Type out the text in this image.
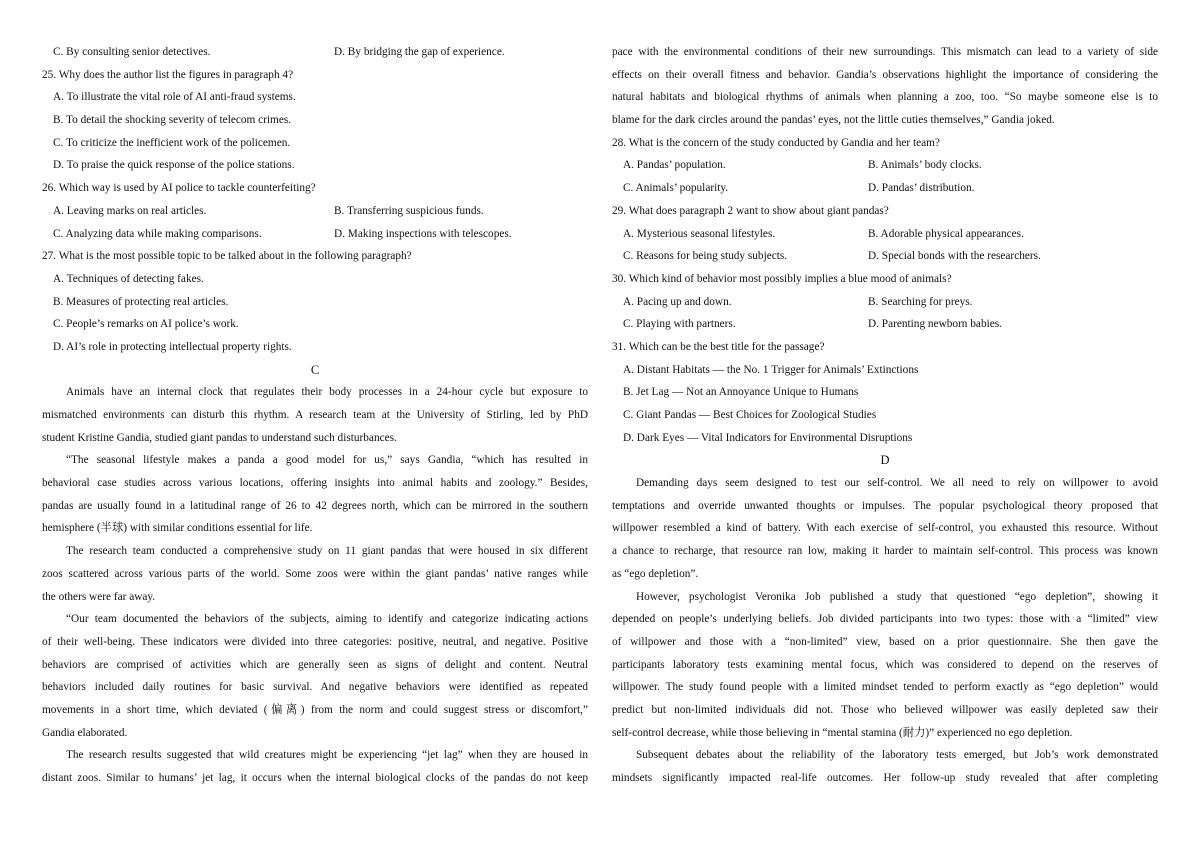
C. By consulting senior detectives.	D. By bridging the gap of experience.
25. Why does the author list the figures in paragraph 4?
A. To illustrate the vital role of AI anti-fraud systems.
B. To detail the shocking severity of telecom crimes.
C. To criticize the inefficient work of the policemen.
D. To praise the quick response of the police stations.
26. Which way is used by AI police to tackle counterfeiting?
A. Leaving marks on real articles.	B. Transferring suspicious funds.
C. Analyzing data while making comparisons.	D. Making inspections with telescopes.
27. What is the most possible topic to be talked about in the following paragraph?
A. Techniques of detecting fakes.
B. Measures of protecting real articles.
C. People’s remarks on AI police’s work.
D. AI’s role in protecting intellectual property rights.
C
Animals have an internal clock that regulates their body processes in a 24-hour cycle but exposure to
mismatched environments can disturb this rhythm. A research team at the University of Stirling, led by PhD
student Kristine Gandia, studied giant pandas to understand such disturbances.
“The seasonal lifestyle makes a panda a good model for us,” says Gandia, “which has resulted in
behavioral case studies across various locations, offering insights into animal habits and zoology.” Besides,
pandas are usually found in a latitudinal range of 26 to 42 degrees north, which can be mirrored in the southern
hemisphere (半球) with similar conditions essential for life.
The research team conducted a comprehensive study on 11 giant pandas that were housed in six different
zoos scattered across various parts of the world. Some zoos were within the giant pandas’ native ranges while
the others were far away.
“Our team documented the behaviors of the subjects, aiming to identify and categorize indicating actions
of their well-being. These indicators were divided into three categories: positive, neutral, and negative. Positive
behaviors are comprised of activities which are generally seen as signs of delight and content. Neutral
behaviors included daily routines for basic survival. And negative behaviors were identified as repeated
movements in a short time, which deviated (偏离) from the norm and could suggest stress or discomfort,”
Gandia elaborated.
The research results suggested that wild creatures might be experiencing “jet lag” when they are housed in
distant zoos. Similar to humans’ jet lag, it occurs when the internal biological clocks of the pandas do not keep
pace with the environmental conditions of their new surroundings. This mismatch can lead to a variety of side
effects on their overall fitness and behavior. Gandia’s observations highlight the importance of considering the
natural habitats and biological rhythms of animals when planning a zoo, too. “So maybe someone else is to
blame for the dark circles around the pandas’ eyes, not the little cuties themselves,” Gandia joked.
28. What is the concern of the study conducted by Gandia and her team?
A. Pandas’ population.	B. Animals’ body clocks.
C. Animals’ popularity.	D. Pandas’ distribution.
29. What does paragraph 2 want to show about giant pandas?
A. Mysterious seasonal lifestyles.	B. Adorable physical appearances.
C. Reasons for being study subjects.	D. Special bonds with the researchers.
30. Which kind of behavior most possibly implies a blue mood of animals?
A. Pacing up and down.	B. Searching for preys.
C. Playing with partners.	D. Parenting newborn babies.
31. Which can be the best title for the passage?
A. Distant Habitats — the No. 1 Trigger for Animals’ Extinctions
B. Jet Lag — Not an Annoyance Unique to Humans
C. Giant Pandas — Best Choices for Zoological Studies
D. Dark Eyes — Vital Indicators for Environmental Disruptions
D
Demanding days seem designed to test our self-control. We all need to rely on willpower to avoid
temptations and override unwanted thoughts or impulses. The popular psychological theory proposed that
willpower resembled a kind of battery. With each exercise of self-control, you exhausted this resource. Without
a chance to recharge, that resource ran low, making it harder to maintain self-control. This process was known
as “ego depletion”.
However, psychologist Veronika Job published a study that questioned “ego depletion”, showing it
depended on people’s underlying beliefs. Job divided participants into two types: those with a “limited” view
of willpower and those with a “non-limited” view, based on a prior questionnaire. She then gave the
participants laboratory tests examining mental focus, which was considered to depend on the reserves of
willpower. The study found people with a limited mindset tended to perform exactly as “ego depletion” would
predict but non-limited individuals did not. Those who believed willpower was easily depleted saw their
self-control decrease, while those believing in “mental stamina (耐力)” experienced no ego depletion.
Subsequent debates about the reliability of the laboratory tests emerged, but Job’s work demonstrated
mindsets significantly impacted real-life outcomes. Her follow-up study revealed that after completing
